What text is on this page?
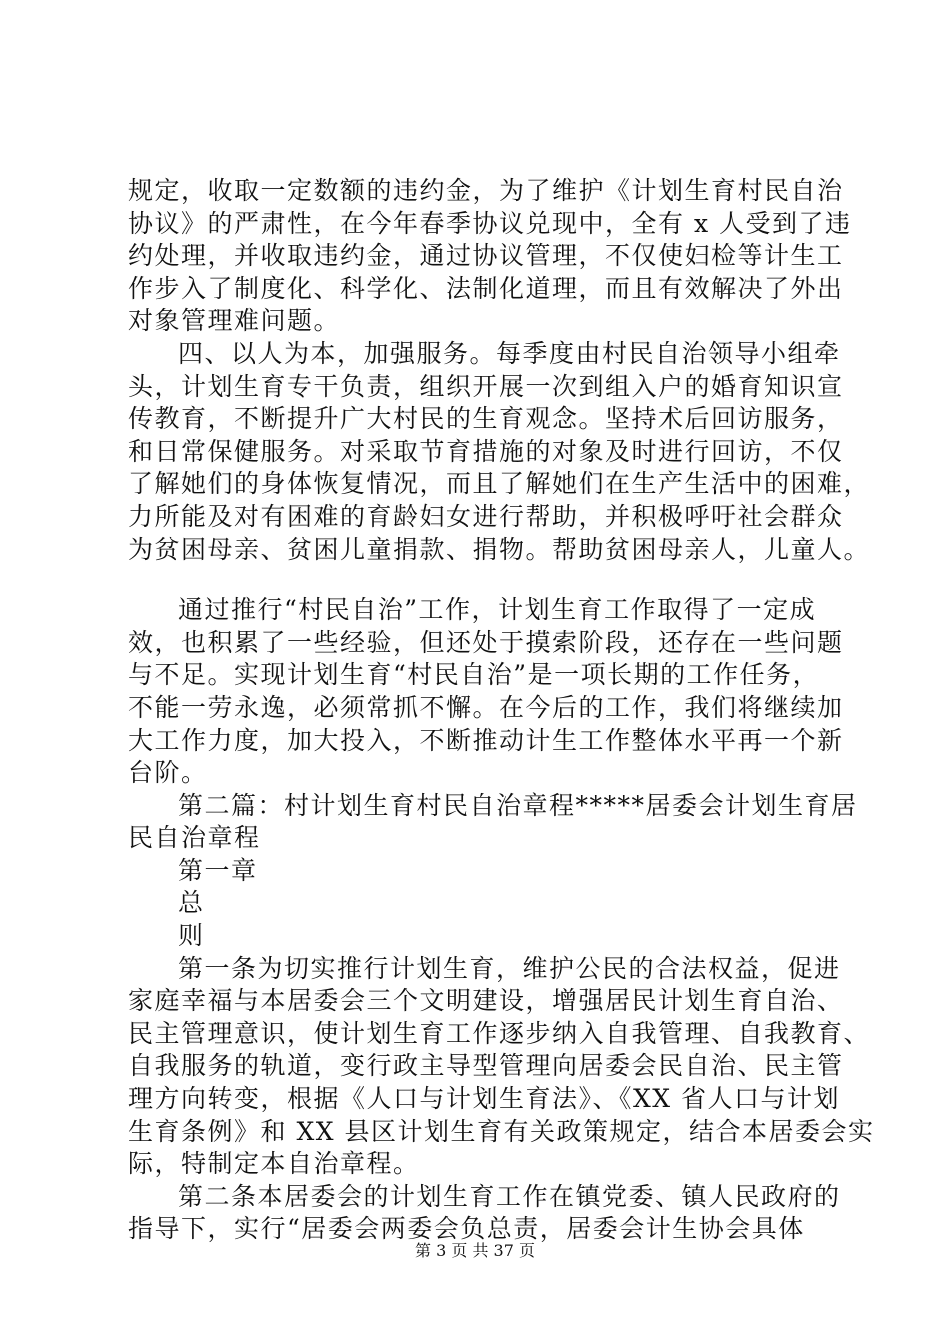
规定，收取一定数额的违约金，为了维护《计划生育村民自治
协议》的严肃性，在今年春季协议兑现中，全有 x 人受到了违
约处理，并收取违约金，通过协议管理，不仅使妇检等计生工
作步入了制度化、科学化、法制化道理，而且有效解决了外出
对象管理难问题。
四、以人为本，加强服务。每季度由村民自治领导小组牵
头，计划生育专干负责，组织开展一次到组入户的婚育知识宣
传教育，不断提升广大村民的生育观念。坚持术后回访服务，
和日常保健服务。对采取节育措施的对象及时进行回访，不仅
了解她们的身体恢复情况，而且了解她们在生产生活中的困难，
力所能及对有困难的育龄妇女进行帮助，并积极呼吁社会群众
为贫困母亲、贫困儿童捐款、捐物。帮助贫困母亲人，儿童人。
通过推行“村民自治”工作，计划生育工作取得了一定成
效，也积累了一些经验，但还处于摸索阶段，还存在一些问题
与不足。实现计划生育“村民自治”是一项长期的工作任务，
不能一劳永逸，必须常抓不懈。在今后的工作，我们将继续加
大工作力度，加大投入，不断推动计生工作整体水平再一个新
台阶。
第二篇：村计划生育村民自治章程*****居委会计划生育居
民自治章程
第一章
总
则
第一条为切实推行计划生育，维护公民的合法权益，促进
家庭幸福与本居委会三个文明建设，增强居民计划生育自治、
民主管理意识，使计划生育工作逐步纳入自我管理、自我教育、
自我服务的轨道，变行政主导型管理向居委会民自治、民主管
理方向转变，根据《人口与计划生育法》、《XX 省人口与计划
生育条例》和 XX 县区计划生育有关政策规定，结合本居委会实
际，特制定本自治章程。
第二条本居委会的计划生育工作在镇党委、镇人民政府的
指导下，实行“居委会两委会负总责，居委会计生协会具体
第 3 页 共 37 页
